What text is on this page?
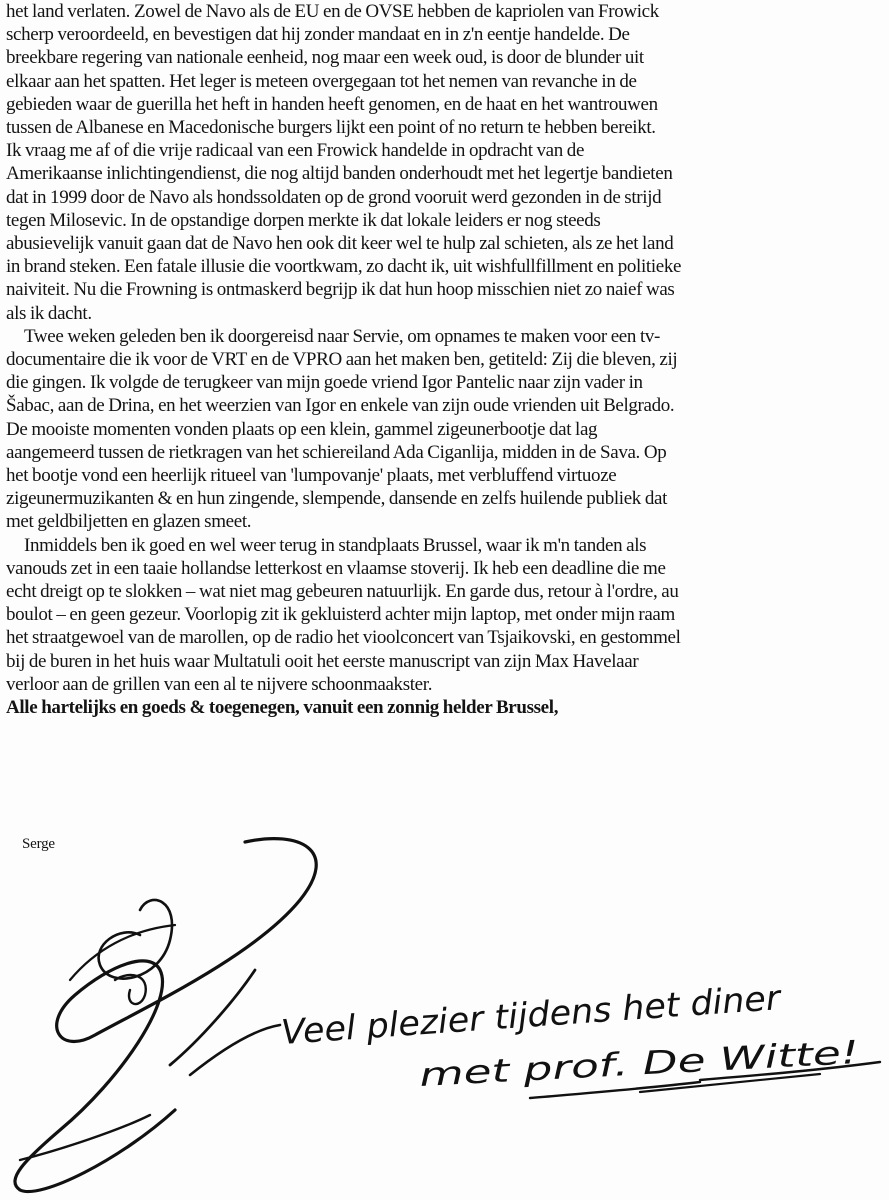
het land verlaten. Zowel de Navo als de EU en de OVSE hebben de kapriolen van Frowick
scherp veroordeeld, en bevestigen dat hij zonder mandaat en in z'n eentje handelde. De
breekbare regering van nationale eenheid, nog maar een week oud, is door de blunder uit
elkaar aan het spatten. Het leger is meteen overgegaan tot het nemen van revanche in de
gebieden waar de guerilla het heft in handen heeft genomen, en de haat en het wantrouwen
tussen de Albanese en Macedonische burgers lijkt een point of no return te hebben bereikt.
Ik vraag me af of die vrije radicaal van een Frowick handelde in opdracht van de
Amerikaanse inlichtingendienst, die nog altijd banden onderhoudt met het legertje bandieten
dat in 1999 door de Navo als hondssoldaten op de grond vooruit werd gezonden in de strijd
tegen Milosevic. In de opstandige dorpen merkte ik dat lokale leiders er nog steeds
abusievelijk vanuit gaan dat de Navo hen ook dit keer wel te hulp zal schieten, als ze het land
in brand steken. Een fatale illusie die voortkwam, zo dacht ik, uit wishfullfillment en politieke
naiviteit. Nu die Frowning is ontmaskerd begrijp ik dat hun hoop misschien niet zo naief was
als ik dacht.
Twee weken geleden ben ik doorgereisd naar Servie, om opnames te maken voor een tv-
documentaire die ik voor de VRT en de VPRO aan het maken ben, getiteld: Zij die bleven, zij
die gingen. Ik volgde de terugkeer van mijn goede vriend Igor Pantelic naar zijn vader in
Šabac, aan de Drina, en het weerzien van Igor en enkele van zijn oude vrienden uit Belgrado.
De mooiste momenten vonden plaats op een klein, gammel zigeunerbootje dat lag
aangemeerd tussen de rietkragen van het schiereiland Ada Ciganlija, midden in de Sava. Op
het bootje vond een heerlijk ritueel van 'lumpovanje' plaats, met verbluffend virtuoze
zigeunermuzikanten & en hun zingende, slempende, dansende en zelfs huilende publiek dat
met geldbiljetten en glazen smeet.
Inmiddels ben ik goed en wel weer terug in standplaats Brussel, waar ik m'n tanden als
vanouds zet in een taaie hollandse letterkost en vlaamse stoverij. Ik heb een deadline die me
echt dreigt op te slokken – wat niet mag gebeuren natuurlijk. En garde dus, retour à l'ordre, au
boulot – en geen gezeur. Voorlopig zit ik gekluisterd achter mijn laptop, met onder mijn raam
het straatgewoel van de marollen, op de radio het vioolconcert van Tsjaikovski, en gestommel
bij de buren in het huis waar Multatuli ooit het eerste manuscript van zijn Max Havelaar
verloor aan de grillen van een al te nijvere schoonmaakster.
Alle hartelijks en goeds & toegenegen, vanuit een zonnig helder Brussel,
Serge
Veel plezier tijdens het diner
met prof. De Witte!
